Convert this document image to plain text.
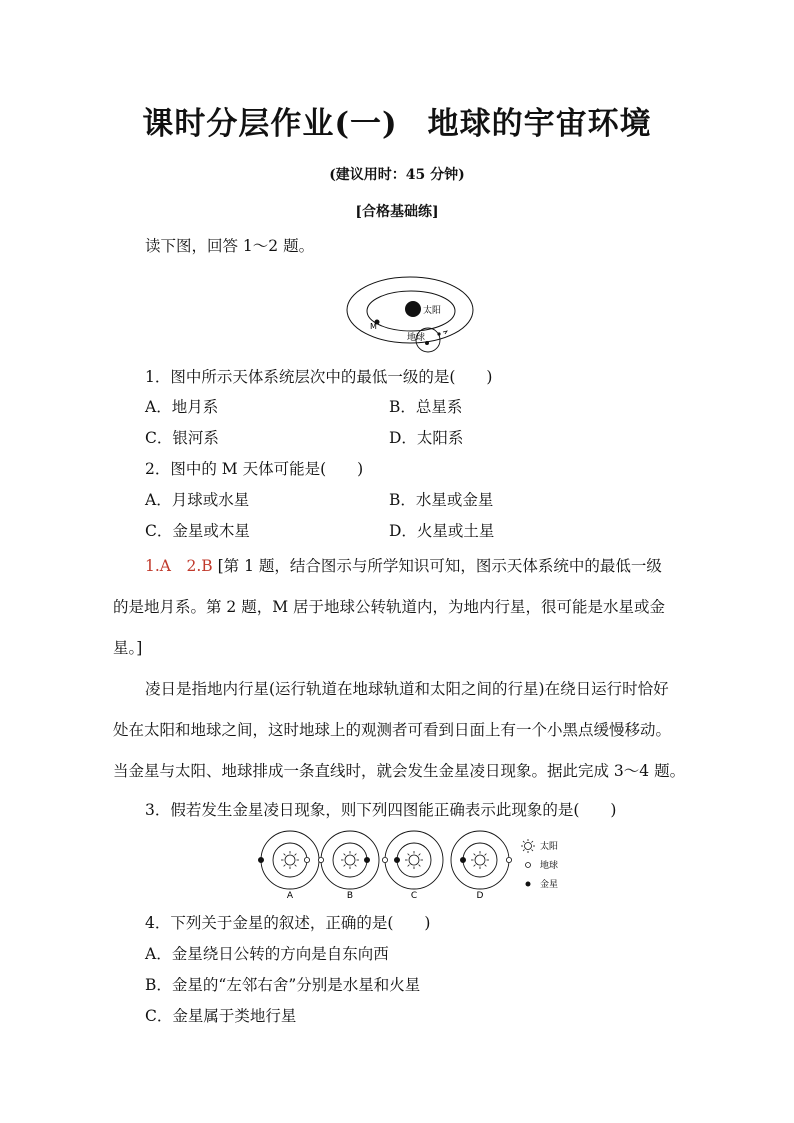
课时分层作业(一) 地球的宇宙环境
(建议用时：45 分钟)
[合格基础练]
读下图，回答 1～2 题。
太阳
M
地球
1．图中所示天体系统层次中的最低一级的是(　　)
A．地月系	B．总星系
C．银河系	D．太阳系
2．图中的 M 天体可能是(　　)
A．月球或水星	B．水星或金星
C．金星或木星	D．火星或土星
1.A　2.B [第 1 题，结合图示与所学知识可知，图示天体系统中的最低一级
的是地月系。第 2 题，M 居于地球公转轨道内，为地内行星，很可能是水星或金
星。]
凌日是指地内行星(运行轨道在地球轨道和太阳之间的行星)在绕日运行时恰好
处在太阳和地球之间，这时地球上的观测者可看到日面上有一个小黑点缓慢移动。
当金星与太阳、地球排成一条直线时，就会发生金星凌日现象。据此完成 3～4 题。
3．假若发生金星凌日现象，则下列四图能正确表示此现象的是(　　)
A	B	C	D
太阳
地球
金星
4．下列关于金星的叙述，正确的是(　　)
A．金星绕日公转的方向是自东向西
B．金星的“左邻右舍”分别是水星和火星
C．金星属于类地行星
